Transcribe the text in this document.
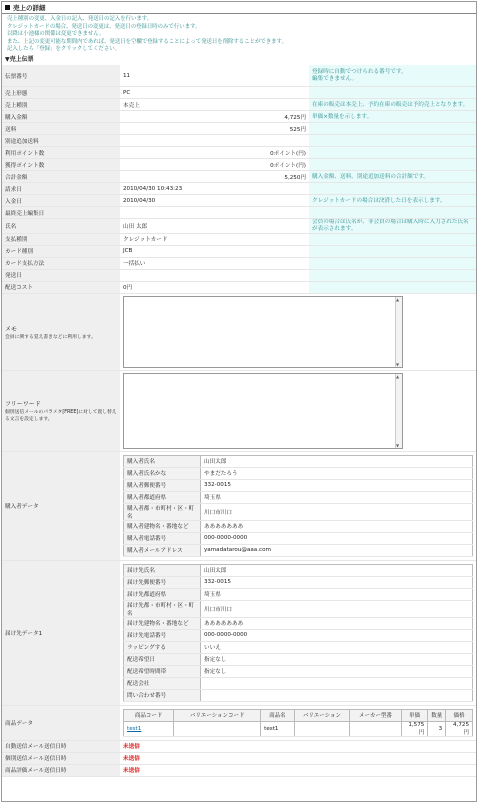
売上の詳細
売上種別の変更、入金日の記入、発送日の記入を行います。
クレジットカードの場合、発送日の変更は、発送日の登録日時のみで行います。
以降は小池様の関係は変更できません。
また、上記の変更可能な期間内であれば、発送日を空欄で登録することによって発送日を削除することができます。
記入したら「登録」をクリックしてください。
▼売上伝票
伝票番号	11	登録時に自動でつけられる番号です。
編集できません。
売上形態	PC	
売上種別	本売上	在庫の販売は本売上、予約在庫の販売は予約売上となります。
購入金額	4,725円	単価×数量を示します。
送料	525円	
別途追加送料		
利用ポイント数	0ポイント(円)	
獲得ポイント数	0ポイント(円)	
合計金額	5,250円	購入金額、送料、別途追加送料の合計額です。
請求日	2010/04/30 10:43:23	
入金日	2010/04/30	クレジットカードの場合は決済した日を表示します。
最終売上編集日		
氏名	山田 太郎	会員の場合は氏名が、非会員の場合は購入時に入力された氏名が表示されます。
支払種別	クレジットカード	
カード種別	JCB	
カード支払方法	一括払い	
発送日		
配送コスト	0円	

メモ
会員に関する覚え書きなどに利用します。

▲ ▼

フリーワード
個別送信メールのパラメタ[FREE]に対して置し替える文言を設定します。

▲ ▼

購入者データ	
購入者氏名	山田太郎
購入者氏名かな	やまだたろう
購入者郵便番号	332-0015
購入者都道府県	埼玉県
購入者都・市町村・区・町名	川口市川口
購入者建物名・番地など	あああああああ
購入者電話番号	000-0000-0000
購入者メールアドレス	yamadatarou@aaa.com

届け先データ1	
届け先氏名	山田太郎
届け先郵便番号	332-0015
届け先都道府県	埼玉県
届け先都・市町村・区・町名	川口市川口
届け先建物名・番地など	あああああああ
届け先電話番号	000-0000-0000
ラッピングする	いいえ
配送希望日	指定なし
配送希望時間帯	指定なし
配送会社	
問い合わせ番号	

商品データ	
商品コード	バリエーションコード	商品名	バリエーション	メーカー型番	単価	数量	価格
test1		test1			1,575円	3	4,725円

自動送信メール送信日時	未送信
個別送信メール送信日時	未送信
商品評価メール送信日時	未送信
